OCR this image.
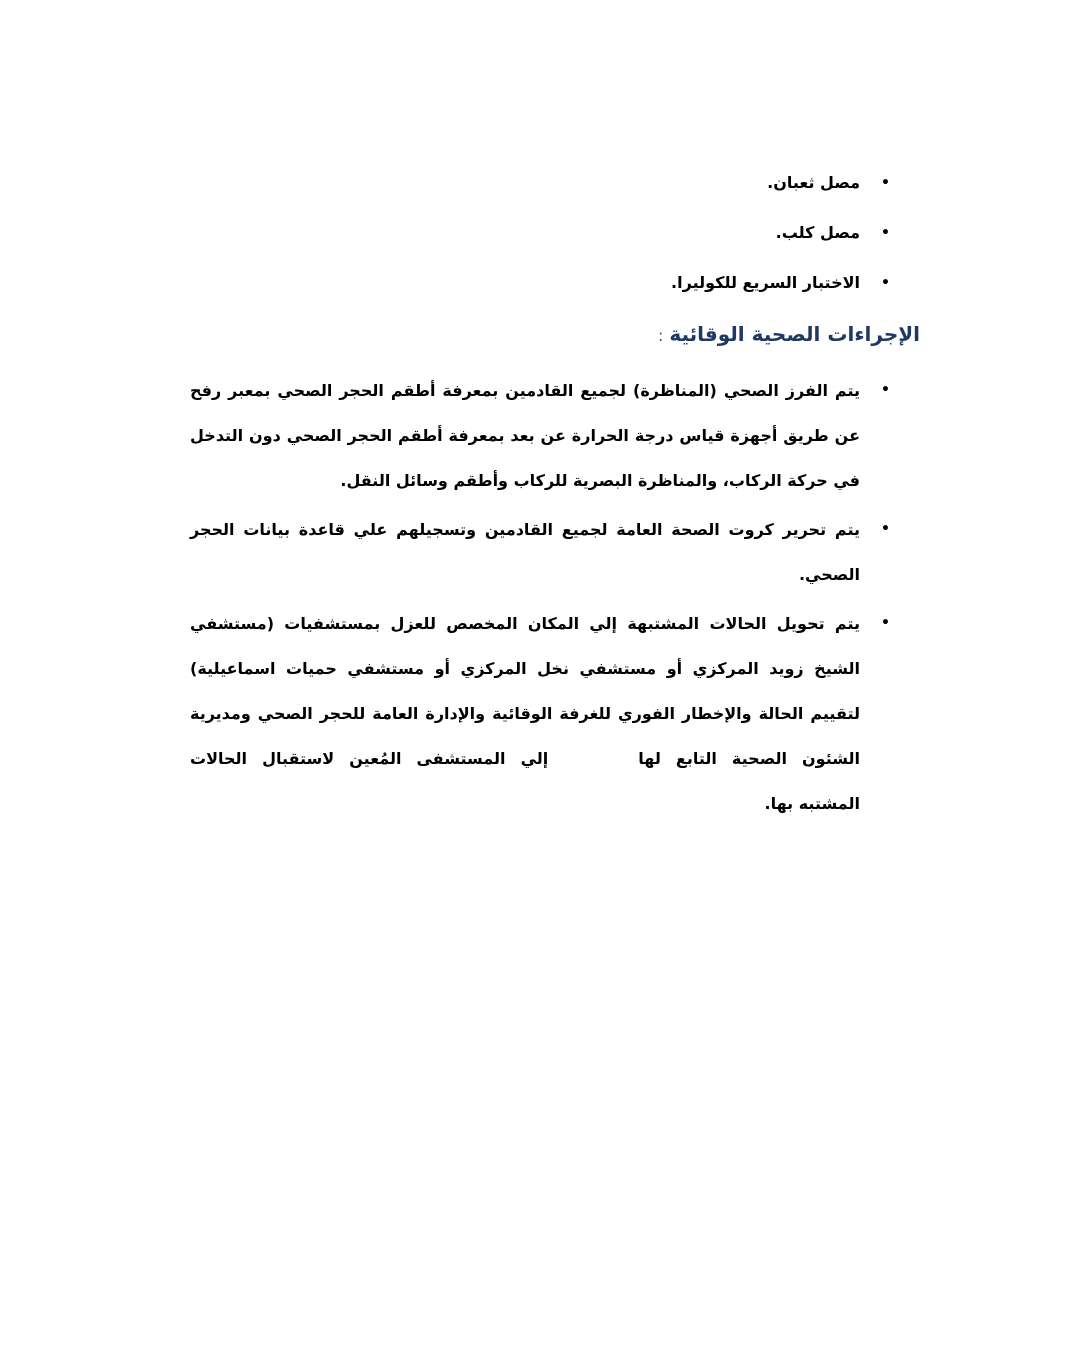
•
مصل ثعبان.
•
مصل كلب.
•
الاختبار السريع للكوليرا.
الإجراءات الصحية الوقائية:
•
يتم الفرز الصحي (المناظرة) لجميع القادمين بمعرفة أطقم الحجر الصحي بمعبر رفح عن طريق أجهزة قياس درجة الحرارة عن بعد بمعرفة أطقم الحجر الصحي دون التدخل في حركة الركاب، والمناظرة البصرية للركاب وأطقم وسائل النقل.
•
يتم تحرير كروت الصحة العامة لجميع القادمين وتسجيلهم علي قاعدة بيانات الحجر الصحي.
•
يتم تحويل الحالات المشتبهة إلي المكان المخصص للعزل بمستشفيات (مستشفي الشيخ زويد المركزي أو مستشفي نخل المركزي أو مستشفي حميات اسماعيلية) لتقييم الحالة والإخطار الفوري للغرفة الوقائية والإدارة العامة للحجر الصحي ومديرية الشئون الصحية التابع لهاإلي المستشفى المُعين لاستقبال الحالات المشتبه بها.
